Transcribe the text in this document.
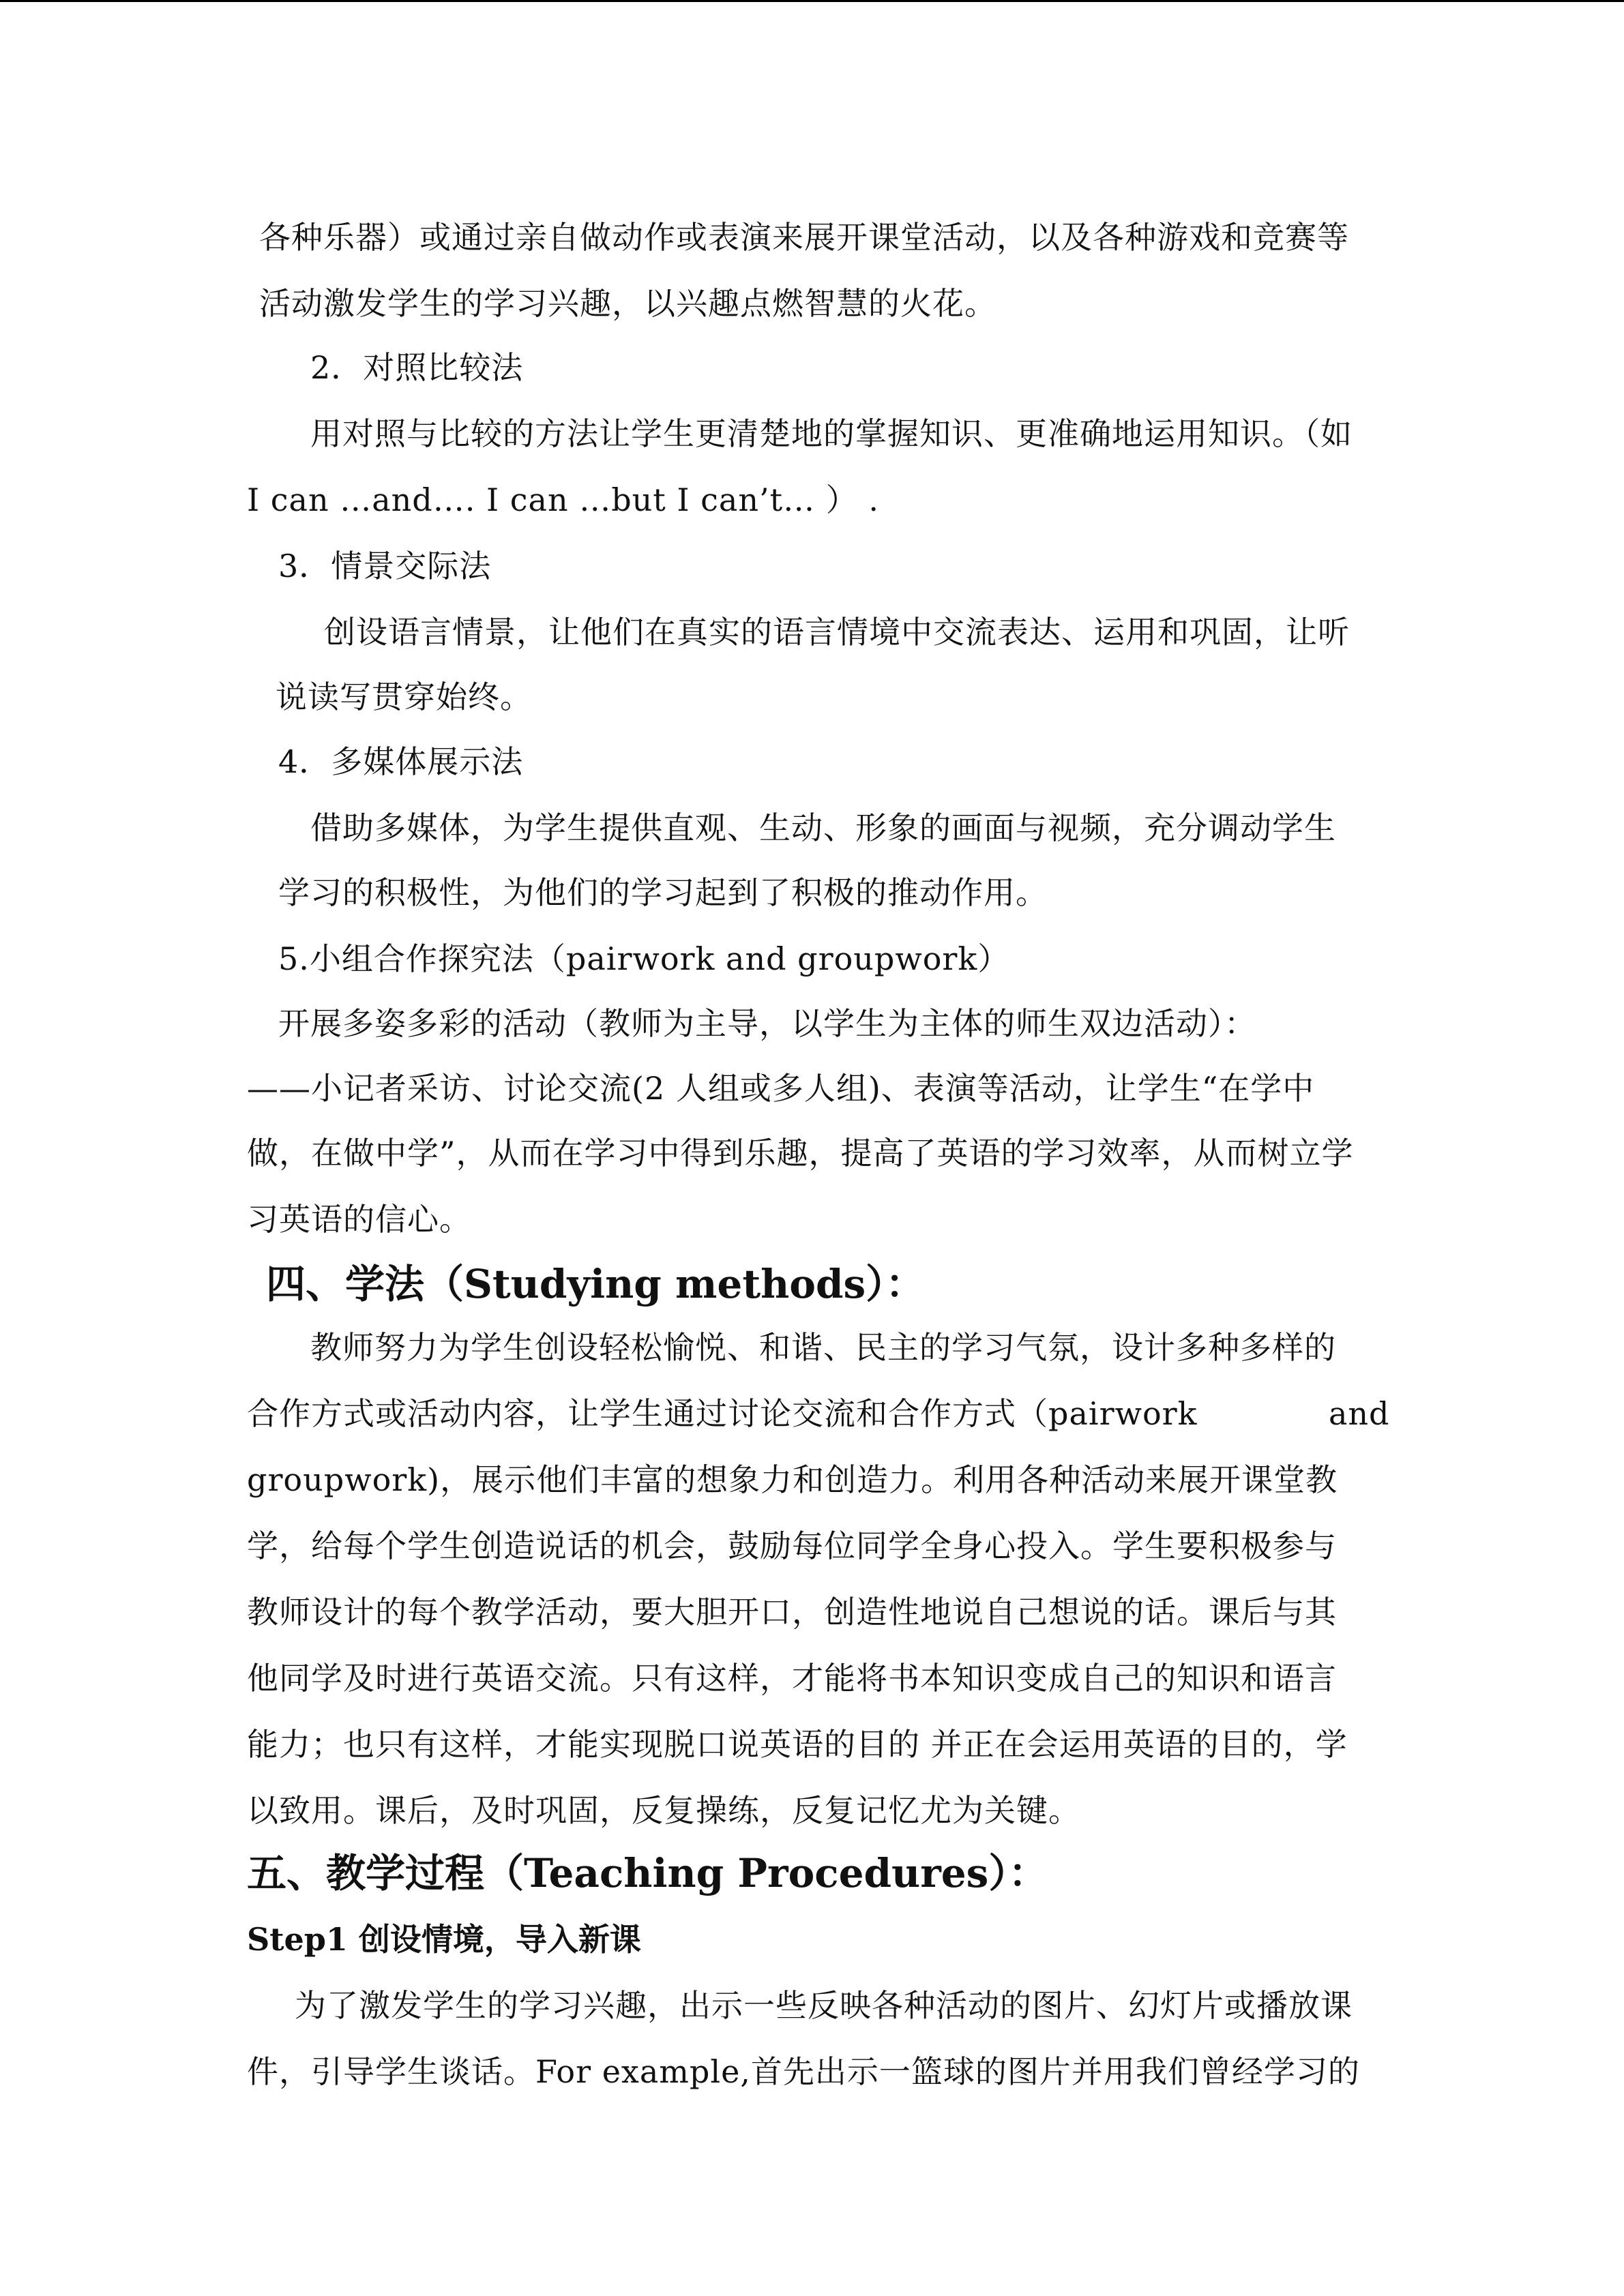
各种乐器）或通过亲自做动作或表演来展开课堂活动，以及各种游戏和竞赛等
活动激发学生的学习兴趣，以兴趣点燃智慧的火花。
2．对照比较法
用对照与比较的方法让学生更清楚地的掌握知识、更准确地运用知识。（如
I can …and…. I can …but I can’t… ） .
3．情景交际法
创设语言情景，让他们在真实的语言情境中交流表达、运用和巩固，让听
说读写贯穿始终。
4．多媒体展示法
借助多媒体，为学生提供直观、生动、形象的画面与视频，充分调动学生
学习的积极性，为他们的学习起到了积极的推动作用。
5.小组合作探究法（pairwork and groupwork）
开展多姿多彩的活动（教师为主导，以学生为主体的师生双边活动）：
——小记者采访、讨论交流(2 人组或多人组)、表演等活动，让学生“在学中
做，在做中学”，从而在学习中得到乐趣，提高了英语的学习效率，从而树立学
习英语的信心。
四、学法（Studying methods）：
教师努力为学生创设轻松愉悦、和谐、民主的学习气氛，设计多种多样的
合作方式或活动内容，让学生通过讨论交流和合作方式（pairwork	and
groupwork)，展示他们丰富的想象力和创造力。利用各种活动来展开课堂教
学，给每个学生创造说话的机会，鼓励每位同学全身心投入。学生要积极参与
教师设计的每个教学活动，要大胆开口，创造性地说自己想说的话。课后与其
他同学及时进行英语交流。只有这样，才能将书本知识变成自己的知识和语言
能力；也只有这样，才能实现脱口说英语的目的 并正在会运用英语的目的，学
以致用。课后，及时巩固，反复操练，反复记忆尤为关键。
五、教学过程（Teaching Procedures）：
Step1 创设情境，导入新课
为了激发学生的学习兴趣，出示一些反映各种活动的图片、幻灯片或播放课
件，引导学生谈话。For example,首先出示一篮球的图片并用我们曾经学习的
